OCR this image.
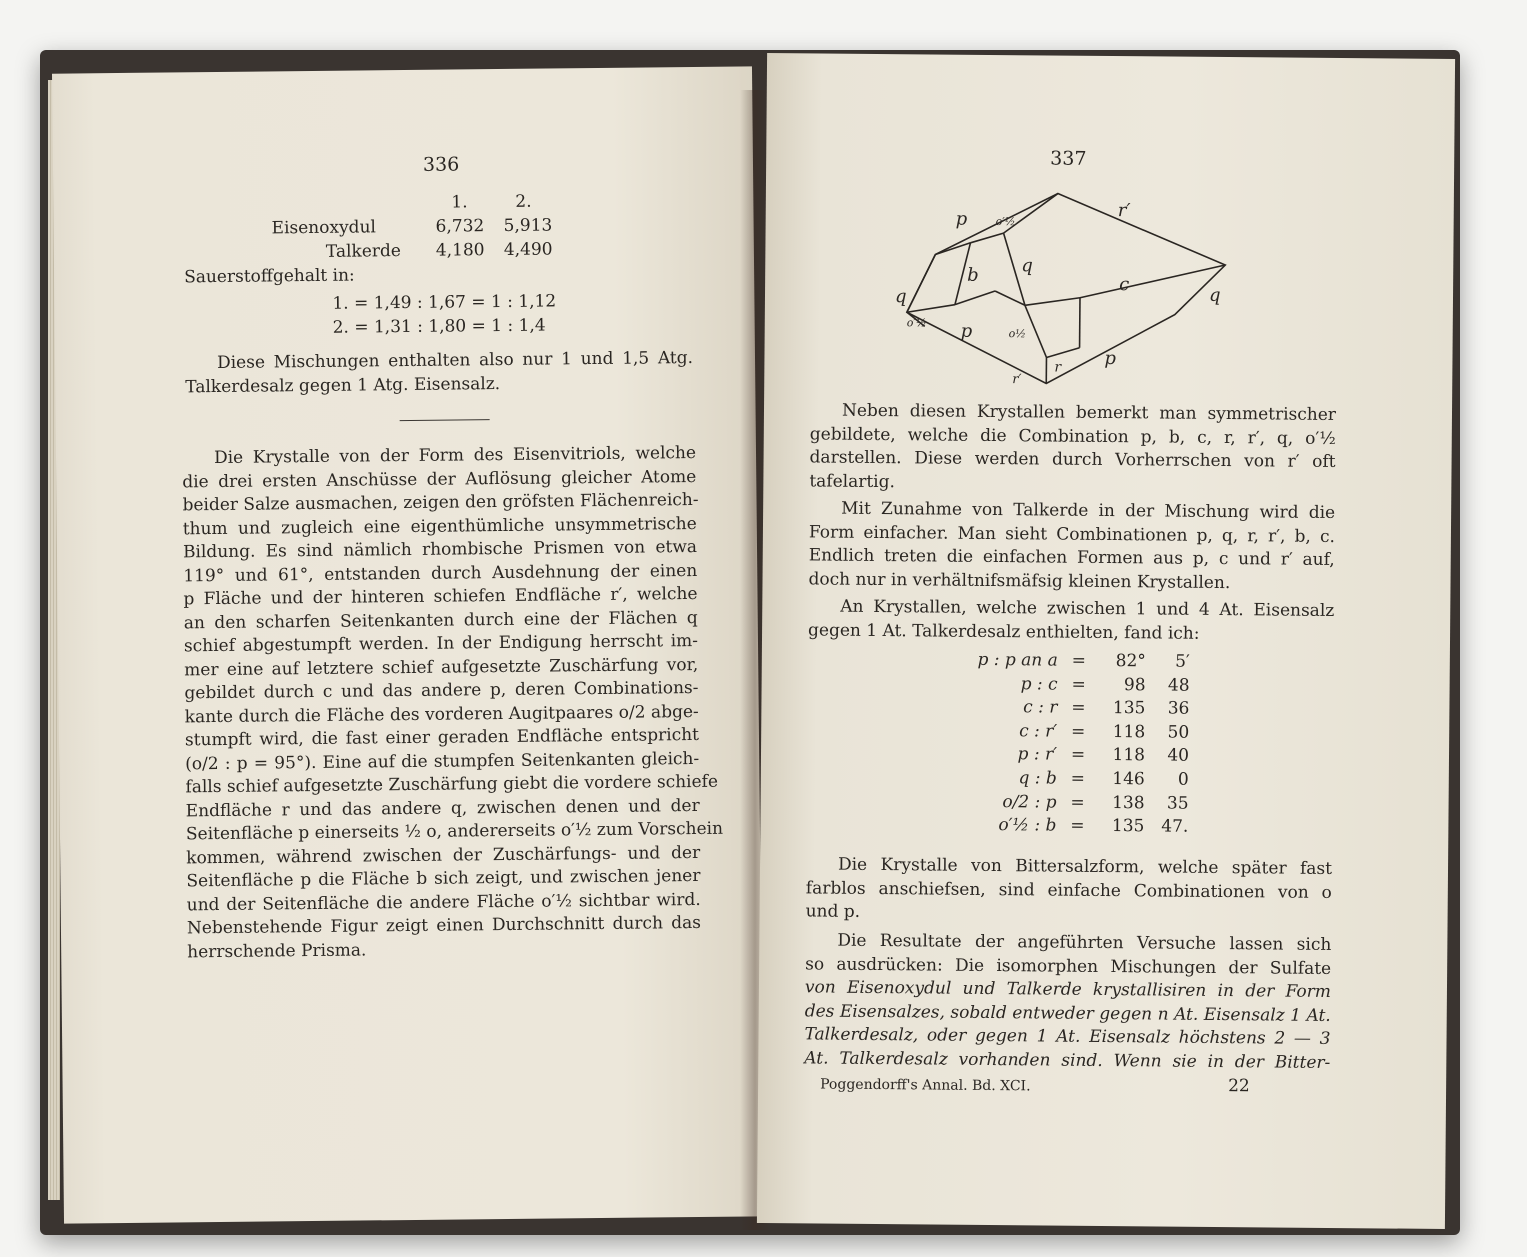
336
1.	2.
Eisenoxydul	6,732 5,913
Talkerde 4,180 4,490
Sauerstoffgehalt in:
1. = 1,49 : 1,67 = 1 : 1,12
2. = 1,31 : 1,80 = 1 : 1,4
Diese Mischungen enthalten also nur 1 und 1,5 Atg.
Talkerdesalz gegen 1 Atg. Eisensalz.
Die Krystalle von der Form des Eisenvitriols, welche
die drei ersten Anschüsse der Auflösung gleicher Atome
beider Salze ausmachen, zeigen den gröfsten Flächenreich-
thum und zugleich eine eigenthümliche unsymmetrische
Bildung. Es sind nämlich rhombische Prismen von etwa
119° und 61°, entstanden durch Ausdehnung der einen
p Fläche und der hinteren schiefen Endfläche r′, welche
an den scharfen Seitenkanten durch eine der Flächen q
schief abgestumpft werden. In der Endigung herrscht im-
mer eine auf letztere schief aufgesetzte Zuschärfung vor,
gebildet durch c und das andere p, deren Combinations-
kante durch die Fläche des vorderen Augitpaares o/2 abge-
stumpft wird, die fast einer geraden Endfläche entspricht
(o/2 : p = 95°). Eine auf die stumpfen Seitenkanten gleich-
falls schief aufgesetzte Zuschärfung giebt die vordere schiefe
Endfläche r und das andere q, zwischen denen und der
Seitenfläche p einerseits ½ o, andererseits o′½ zum Vorschein
kommen, während zwischen der Zuschärfungs- und der
Seitenfläche p die Fläche b sich zeigt, und zwischen jener
und der Seitenfläche die andere Fläche o′½ sichtbar wird.
Nebenstehende Figur zeigt einen Durchschnitt durch das
herrschende Prisma.
337
p	o′½
r′
q
b
q
c
q
o′½ p	o½
r′
r p
Neben diesen Krystallen bemerkt man symmetrischer
gebildete, welche die Combination p, b, c, r, r′, q, o′½
darstellen. Diese werden durch Vorherrschen von r′ oft
tafelartig.
Mit Zunahme von Talkerde in der Mischung wird die
Form einfacher. Man sieht Combinationen p, q, r, r′, b, c.
Endlich treten die einfachen Formen aus p, c und r′ auf,
doch nur in verhältnifsmäfsig kleinen Krystallen.
An Krystallen, welche zwischen 1 und 4 At. Eisensalz
gegen 1 At. Talkerdesalz enthielten, fand ich:
p : p an a	=	82°	5′
p : c	=	98	48
c : r	=	135	36
c : r′	=	118	50
p : r′	=	118	40
q : b	=	146	0
o/2 : p	=	138	35
o′½ : b	=	135	47.
Die Krystalle von Bittersalzform, welche später fast
farblos anschiefsen, sind einfache Combinationen von o
und p.
Die Resultate der angeführten Versuche lassen sich
so ausdrücken: Die isomorphen Mischungen der Sulfate
von Eisenoxydul und Talkerde krystallisiren in der Form
des Eisensalzes, sobald entweder gegen n At. Eisensalz 1 At.
Talkerdesalz, oder gegen 1 At. Eisensalz höchstens 2 — 3
At. Talkerdesalz vorhanden sind. Wenn sie in der Bitter-
Poggendorff's Annal. Bd. XCI.	22
